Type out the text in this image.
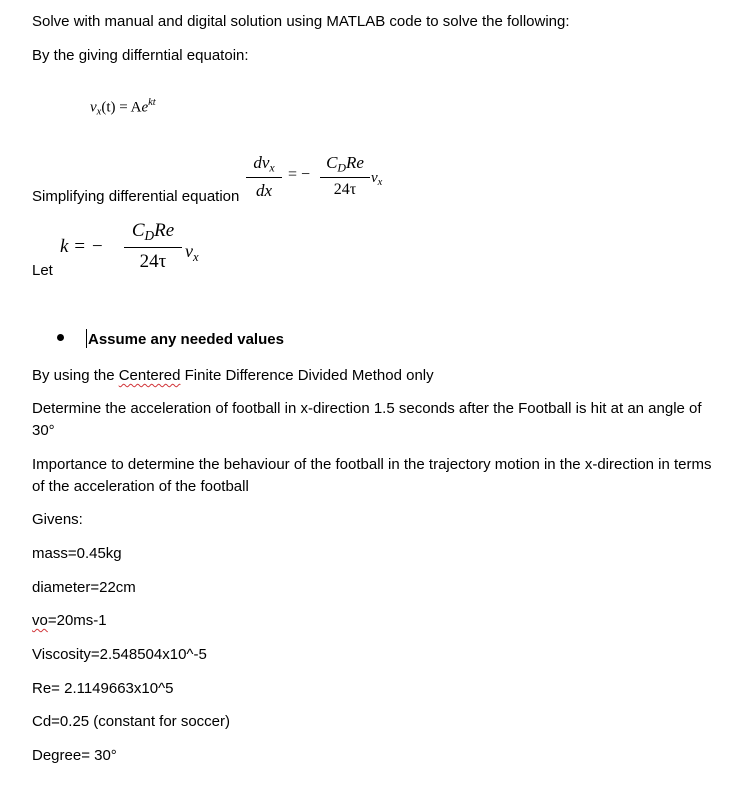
Solve with manual and digital solution using MATLAB code to solve the following:
By the giving differntial equatoin:
$v_x(t) = Ae^{kt}$
$dv_x$
dx
= −
$C_DRe$
24τ
$v_x$
Simplifying differential equation
k = −
$C_DRe$
24τ	$v_x$
Let
Assume any needed values
By using the Centered Finite Difference Divided Method only
Determine the acceleration of football in x-direction 1.5 seconds after the Football is hit at an angle of 30°
Importance to determine the behaviour of the football in the trajectory motion in the x-direction in terms of the acceleration of the football
Givens:
mass=0.45kg
diameter=22cm
vo=20ms-1
Viscosity=2.548504x10^-5
Re= 2.1149663x10^5
Cd=0.25 (constant for soccer)
Degree= 30°
